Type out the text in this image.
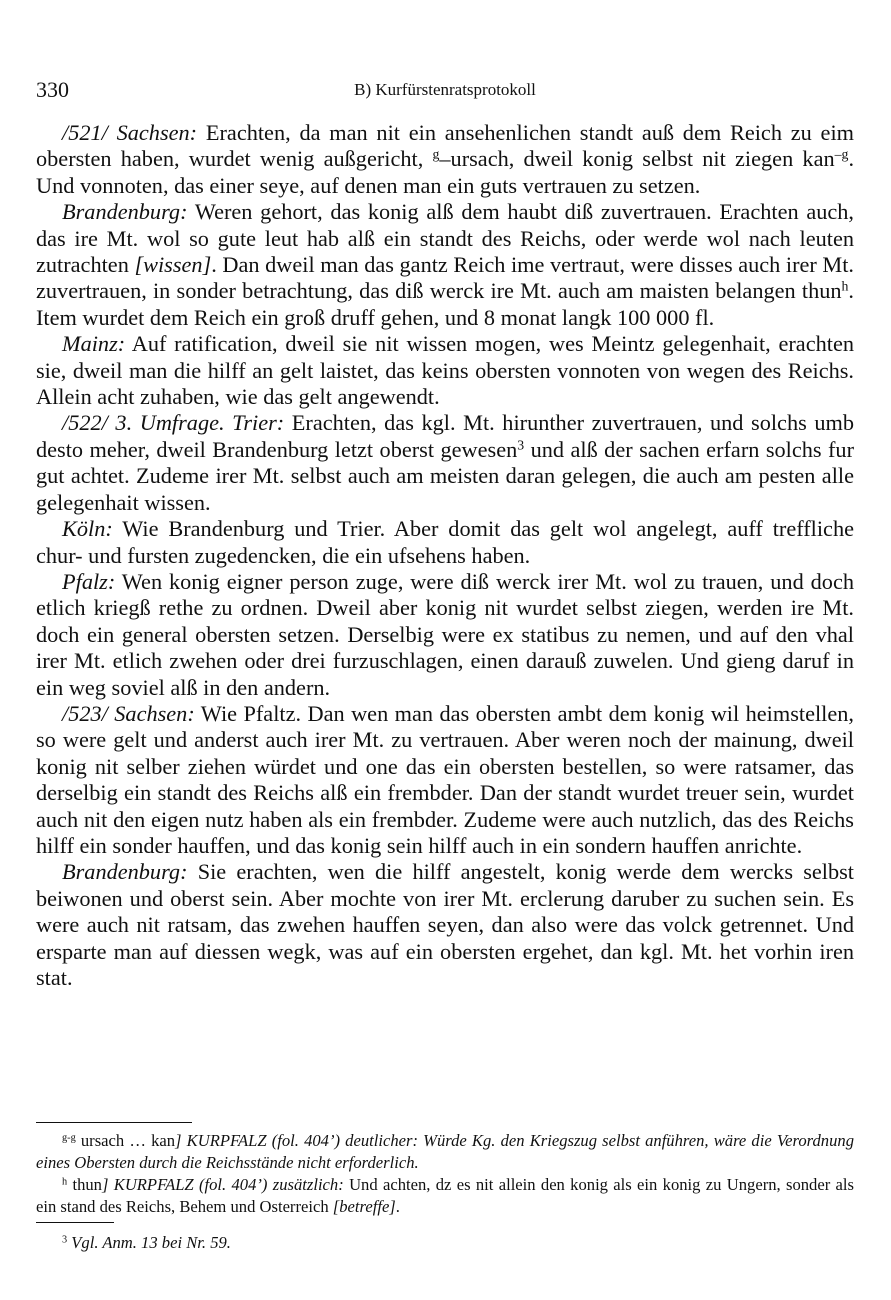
330	B) Kurfürstenratsprotokoll

/521/ Sachsen: Erachten, da man nit ein ansehenlichen standt auß dem Reich zu eim obersten haben, wurdet wenig außgericht, $^g$–ursach, dweil konig selbst nit ziegen kan$^{-g}$. Und vonnoten, das einer seye, auf denen man ein guts vertrauen zu setzen.

Brandenburg: Weren gehort, das konig alß dem haubt diß zuvertrauen. Erachten auch, das ire Mt. wol so gute leut hab alß ein standt des Reichs, oder werde wol nach leuten zutrachten [wissen]. Dan dweil man das gantz Reich ime vertraut, were disses auch irer Mt. zuvertrauen, in sonder betrachtung, das diß werck ire Mt. auch am maisten belangen thun$^h$. Item wurdet dem Reich ein groß druff gehen, und 8 monat langk 100 000 fl.

Mainz: Auf ratification, dweil sie nit wissen mogen, wes Meintz gelegenhait, erachten sie, dweil man die hilff an gelt laistet, das keins obersten vonnoten von wegen des Reichs. Allein acht zuhaben, wie das gelt angewendt.

/522/ 3. Umfrage. Trier: Erachten, das kgl. Mt. hirunther zuvertrauen, und solchs umb desto meher, dweil Brandenburg letzt oberst gewesen$^3$ und alß der sachen erfarn solchs fur gut achtet. Zudeme irer Mt. selbst auch am meisten daran gelegen, die auch am pesten alle gelegenhait wissen.

Köln: Wie Brandenburg und Trier. Aber domit das gelt wol angelegt, auff treffliche chur- und fursten zugedencken, die ein ufsehens haben.

Pfalz: Wen konig eigner person zuge, were diß werck irer Mt. wol zu trauen, und doch etlich kriegß rethe zu ordnen. Dweil aber konig nit wurdet selbst ziegen, werden ire Mt. doch ein general obersten setzen. Derselbig were ex statibus zu nemen, und auf den vhal irer Mt. etlich zwehen oder drei furzuschlagen, einen darauß zuwelen. Und gieng daruf in ein weg soviel alß in den andern.

/523/ Sachsen: Wie Pfaltz. Dan wen man das obersten ambt dem konig wil heimstellen, so were gelt und anderst auch irer Mt. zu vertrauen. Aber weren noch der mainung, dweil konig nit selber ziehen würdet und one das ein obersten bestellen, so were ratsamer, das derselbig ein standt des Reichs alß ein frembder. Dan der standt wurdet treuer sein, wurdet auch nit den eigen nutz haben als ein frembder. Zudeme were auch nutzlich, das des Reichs hilff ein sonder hauffen, und das konig sein hilff auch in ein sondern hauffen anrichte.

Brandenburg: Sie erachten, wen die hilff angestelt, konig werde dem wercks selbst beiwonen und oberst sein. Aber mochte von irer Mt. erclerung daruber zu suchen sein. Es were auch nit ratsam, das zwehen hauffen seyen, dan also were das volck getrennet. Und ersparte man auf diessen wegk, was auf ein obersten ergehet, dan kgl. Mt. het vorhin iren stat.

$^{g-g}$ ursach … kan] KURPFALZ (fol. 404’) deutlicher: Würde Kg. den Kriegszug selbst anführen, wäre die Verordnung eines Obersten durch die Reichsstände nicht erforderlich.

$^h$ thun] KURPFALZ (fol. 404’) zusätzlich: Und achten, dz es nit allein den konig als ein konig zu Ungern, sonder als ein stand des Reichs, Behem und Osterreich [betreffe].

$^3$ Vgl. Anm. 13 bei Nr. 59.
